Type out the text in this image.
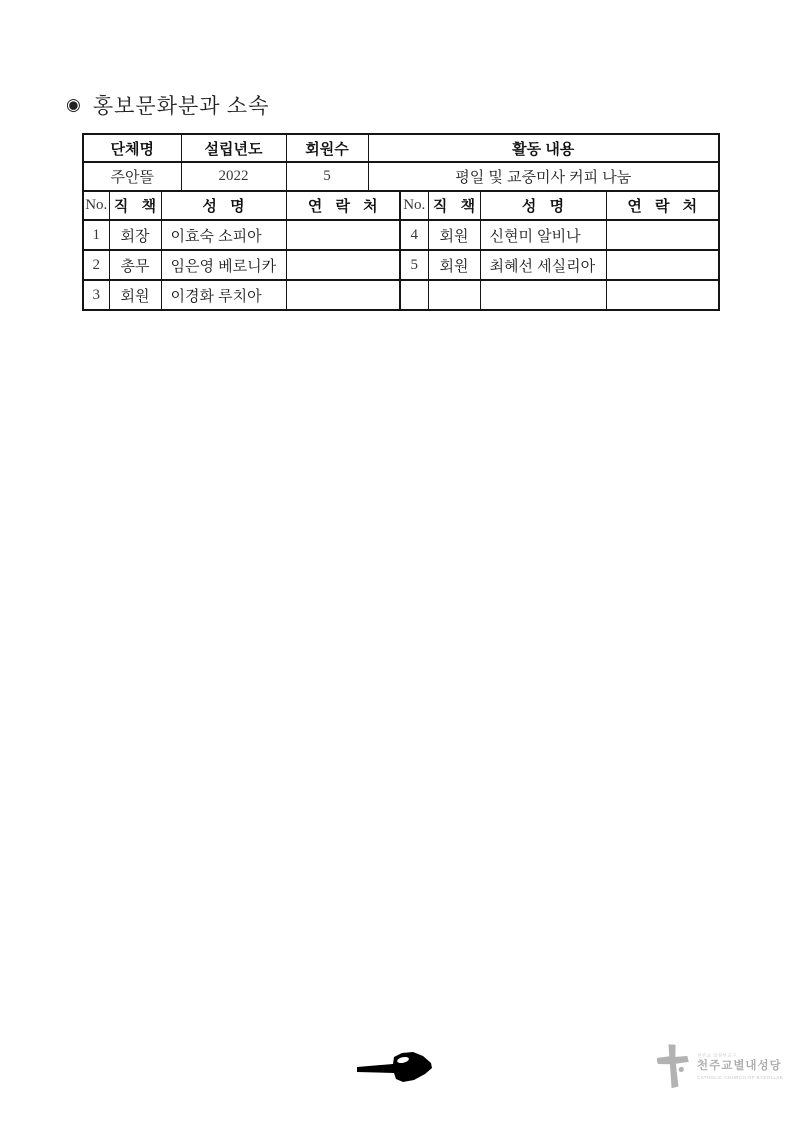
◉ 홍보문화분과 소속
단체명	설립년도	회원수	활동 내용
주안뜰	2022	5	평일 및 교중미사 커피 나눔
No.	직 책	성 명	연 락 처	No.	직 책	성 명	연 락 처
1	회장	이효숙 소피아		4	회원	신현미 알비나	
2	총무	임은영 베로니카		5	회원	최혜선 세실리아	
3	회원	이경화 루치아					
천주교 의정부교구
천주교별내성당
CATHOLIC CHURCH OF BYEOLLAE
